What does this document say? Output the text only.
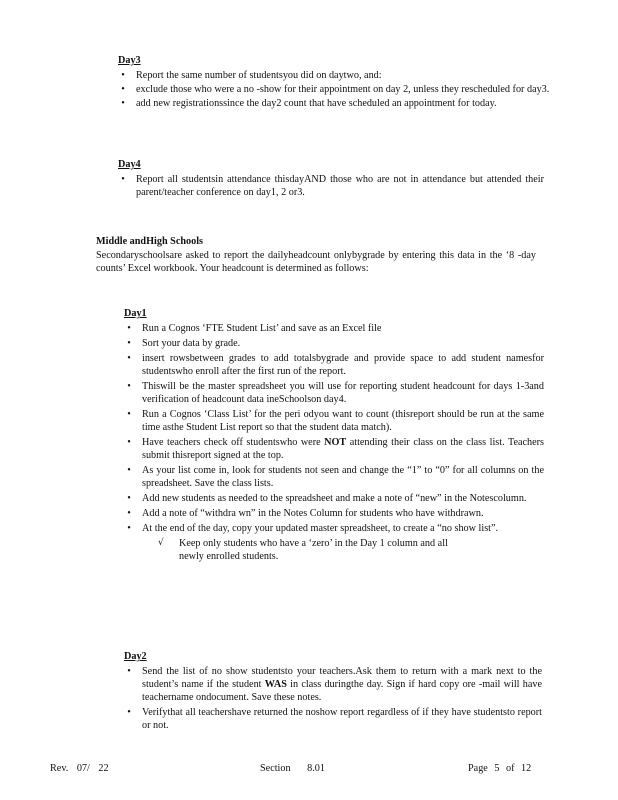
Day3
•	Report the same number of studentsyou did on daytwo, and:
•	exclude those who were a no -show for their appointment on day 2, unless they rescheduled for day3.
•	add new registrationssince the day2 count that have scheduled an appointment for today.
Day4
•	Report all studentsin attendance thisdayAND those who are not in attendance but attended their parent/teacher conference on day1, 2 or3.
Middle andHigh Schools
Secondaryschoolsare asked to report the dailyheadcount onlybygrade by entering this data in the ‘8 -day counts’ Excel workbook. Your headcount is determined as follows:
Day1
•	Run a Cognos ‘FTE Student List’ and save as an Excel file
•	Sort your data by grade.
•	insert rowsbetween grades to add totalsbygrade and provide space to add student namesfor studentswho enroll after the first run of the report.
•	Thiswill be the master spreadsheet you will use for reporting student headcount for days 1-3and verification of headcount data ineSchoolson day4.
•	Run a Cognos ‘Class List’ for the peri odyou want to count (thisreport should be run at the same time asthe Student List report so that the student data match).
•	Have teachers check off studentswho were NOT attending their class on the class list. Teachers submit thisreport signed at the top.
•	As your list come in, look for students not seen and change the “1” to “0” for all columns on the spreadsheet. Save the class lists.
•	Add new students as needed to the spreadsheet and make a note of “new” in the Notescolumn.
•	Add a note of “withdra wn” in the Notes Column for students who have withdrawn.
•	At the end of the day, copy your updated master spreadsheet, to create a “no show list”.
√ Keep only students who have a ‘zero’ in the Day 1 column and all newly enrolled students.
Day2
•	Send the list of no show studentsto your teachers.Ask them to return with a mark next to the student’s name if the student WAS in class duringthe day. Sign if hard copy ore -mail will have teachername ondocument. Save these notes.
•	Verifythat all teachershave returned the noshow report regardless of if they have studentsto report or not.
Rev. 07/ 22	Section 8.01	Page 5 of 12
